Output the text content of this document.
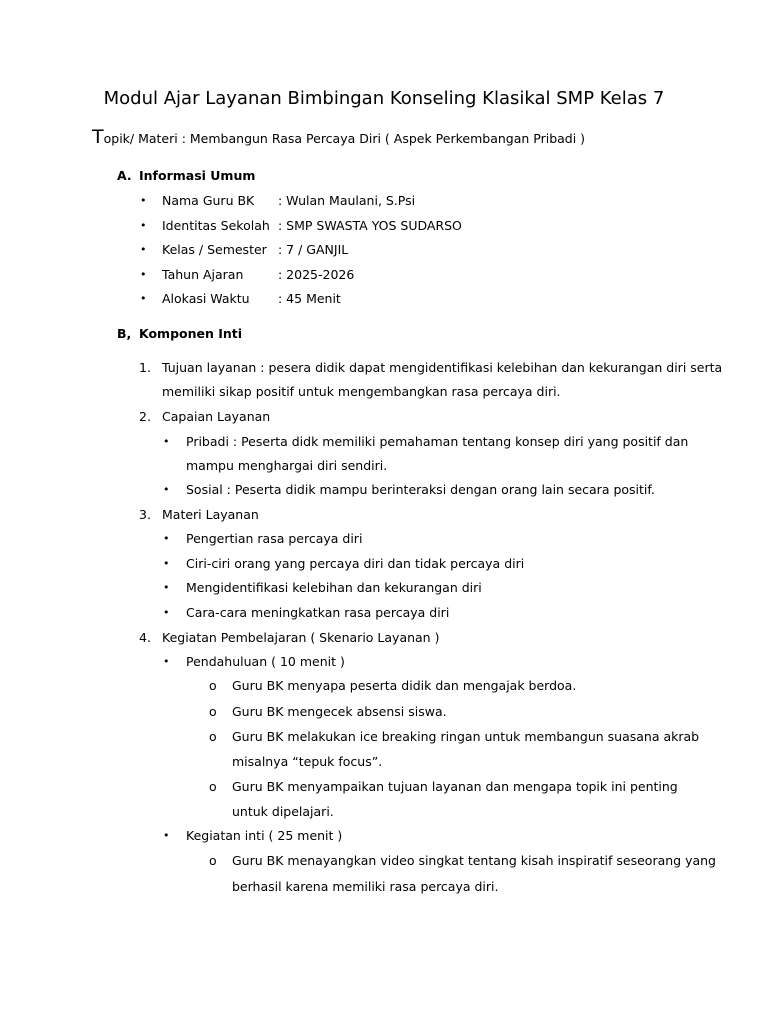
Modul Ajar Layanan Bimbingan Konseling Klasikal SMP Kelas 7
Topik/ Materi : Membangun Rasa Percaya Diri ( Aspek Perkembangan Pribadi )
A. Informasi Umum
• Nama Guru BK : Wulan Maulani, S.Psi
• Identitas Sekolah : SMP SWASTA YOS SUDARSO
• Kelas / Semester : 7 / GANJIL
• Tahun Ajaran	: 2025-2026
• Alokasi Waktu : 45 Menit
B, Komponen Inti
1. Tujuan layanan : pesera didik dapat mengidentifikasi kelebihan dan kekurangan diri serta
memiliki sikap positif untuk mengembangkan rasa percaya diri.
2. Capaian Layanan
• Pribadi : Peserta didk memiliki pemahaman tentang konsep diri yang positif dan
mampu menghargai diri sendiri.
• Sosial : Peserta didik mampu berinteraksi dengan orang lain secara positif.
3. Materi Layanan
• Pengertian rasa percaya diri
• Ciri-ciri orang yang percaya diri dan tidak percaya diri
• Mengidentifikasi kelebihan dan kekurangan diri
• Cara-cara meningkatkan rasa percaya diri
4. Kegiatan Pembelajaran ( Skenario Layanan )
• Pendahuluan ( 10 menit )
o Guru BK menyapa peserta didik dan mengajak berdoa.
o Guru BK mengecek absensi siswa.
o Guru BK melakukan ice breaking ringan untuk membangun suasana akrab
misalnya “tepuk focus”.
o Guru BK menyampaikan tujuan layanan dan mengapa topik ini penting
untuk dipelajari.
• Kegiatan inti ( 25 menit )
o Guru BK menayangkan video singkat tentang kisah inspiratif seseorang yang
berhasil karena memiliki rasa percaya diri.
